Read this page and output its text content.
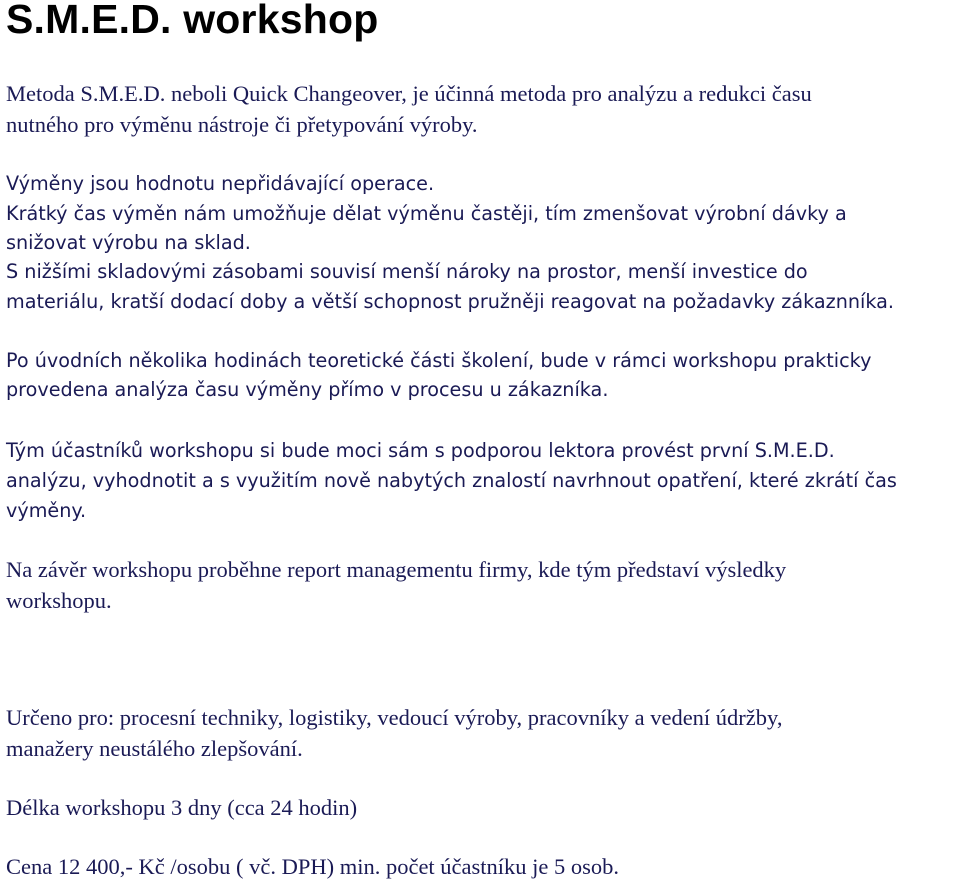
S.M.E.D. workshop
Metoda S.M.E.D. neboli Quick Changeover, je účinná metoda pro analýzu a redukci času
nutného pro výměnu nástroje či přetypování výroby.
Výměny jsou hodnotu nepřidávající operace.
Krátký čas výměn nám umožňuje dělat výměnu častěji, tím zmenšovat výrobní dávky a
snižovat výrobu na sklad.
S nižšími skladovými zásobami souvisí menší nároky na prostor, menší investice do
materiálu, kratší dodací doby a větší schopnost pružněji reagovat na požadavky zákaznníka.
Po úvodních několika hodinách teoretické části školení, bude v rámci workshopu prakticky
provedena analýza času výměny přímo v procesu u zákazníka.
Tým účastníků workshopu si bude moci sám s podporou lektora provést první S.M.E.D.
analýzu, vyhodnotit a s využitím nově nabytých znalostí navrhnout opatření, které zkrátí čas
výměny.
Na závěr workshopu proběhne report managementu firmy, kde tým představí výsledky
workshopu.
Určeno pro: procesní techniky, logistiky, vedoucí výroby, pracovníky a vedení údržby,
manažery neustálého zlepšování.
Délka workshopu 3 dny (cca 24 hodin)
Cena 12 400,- Kč /osobu ( vč. DPH) min. počet účastníku je 5 osob.
